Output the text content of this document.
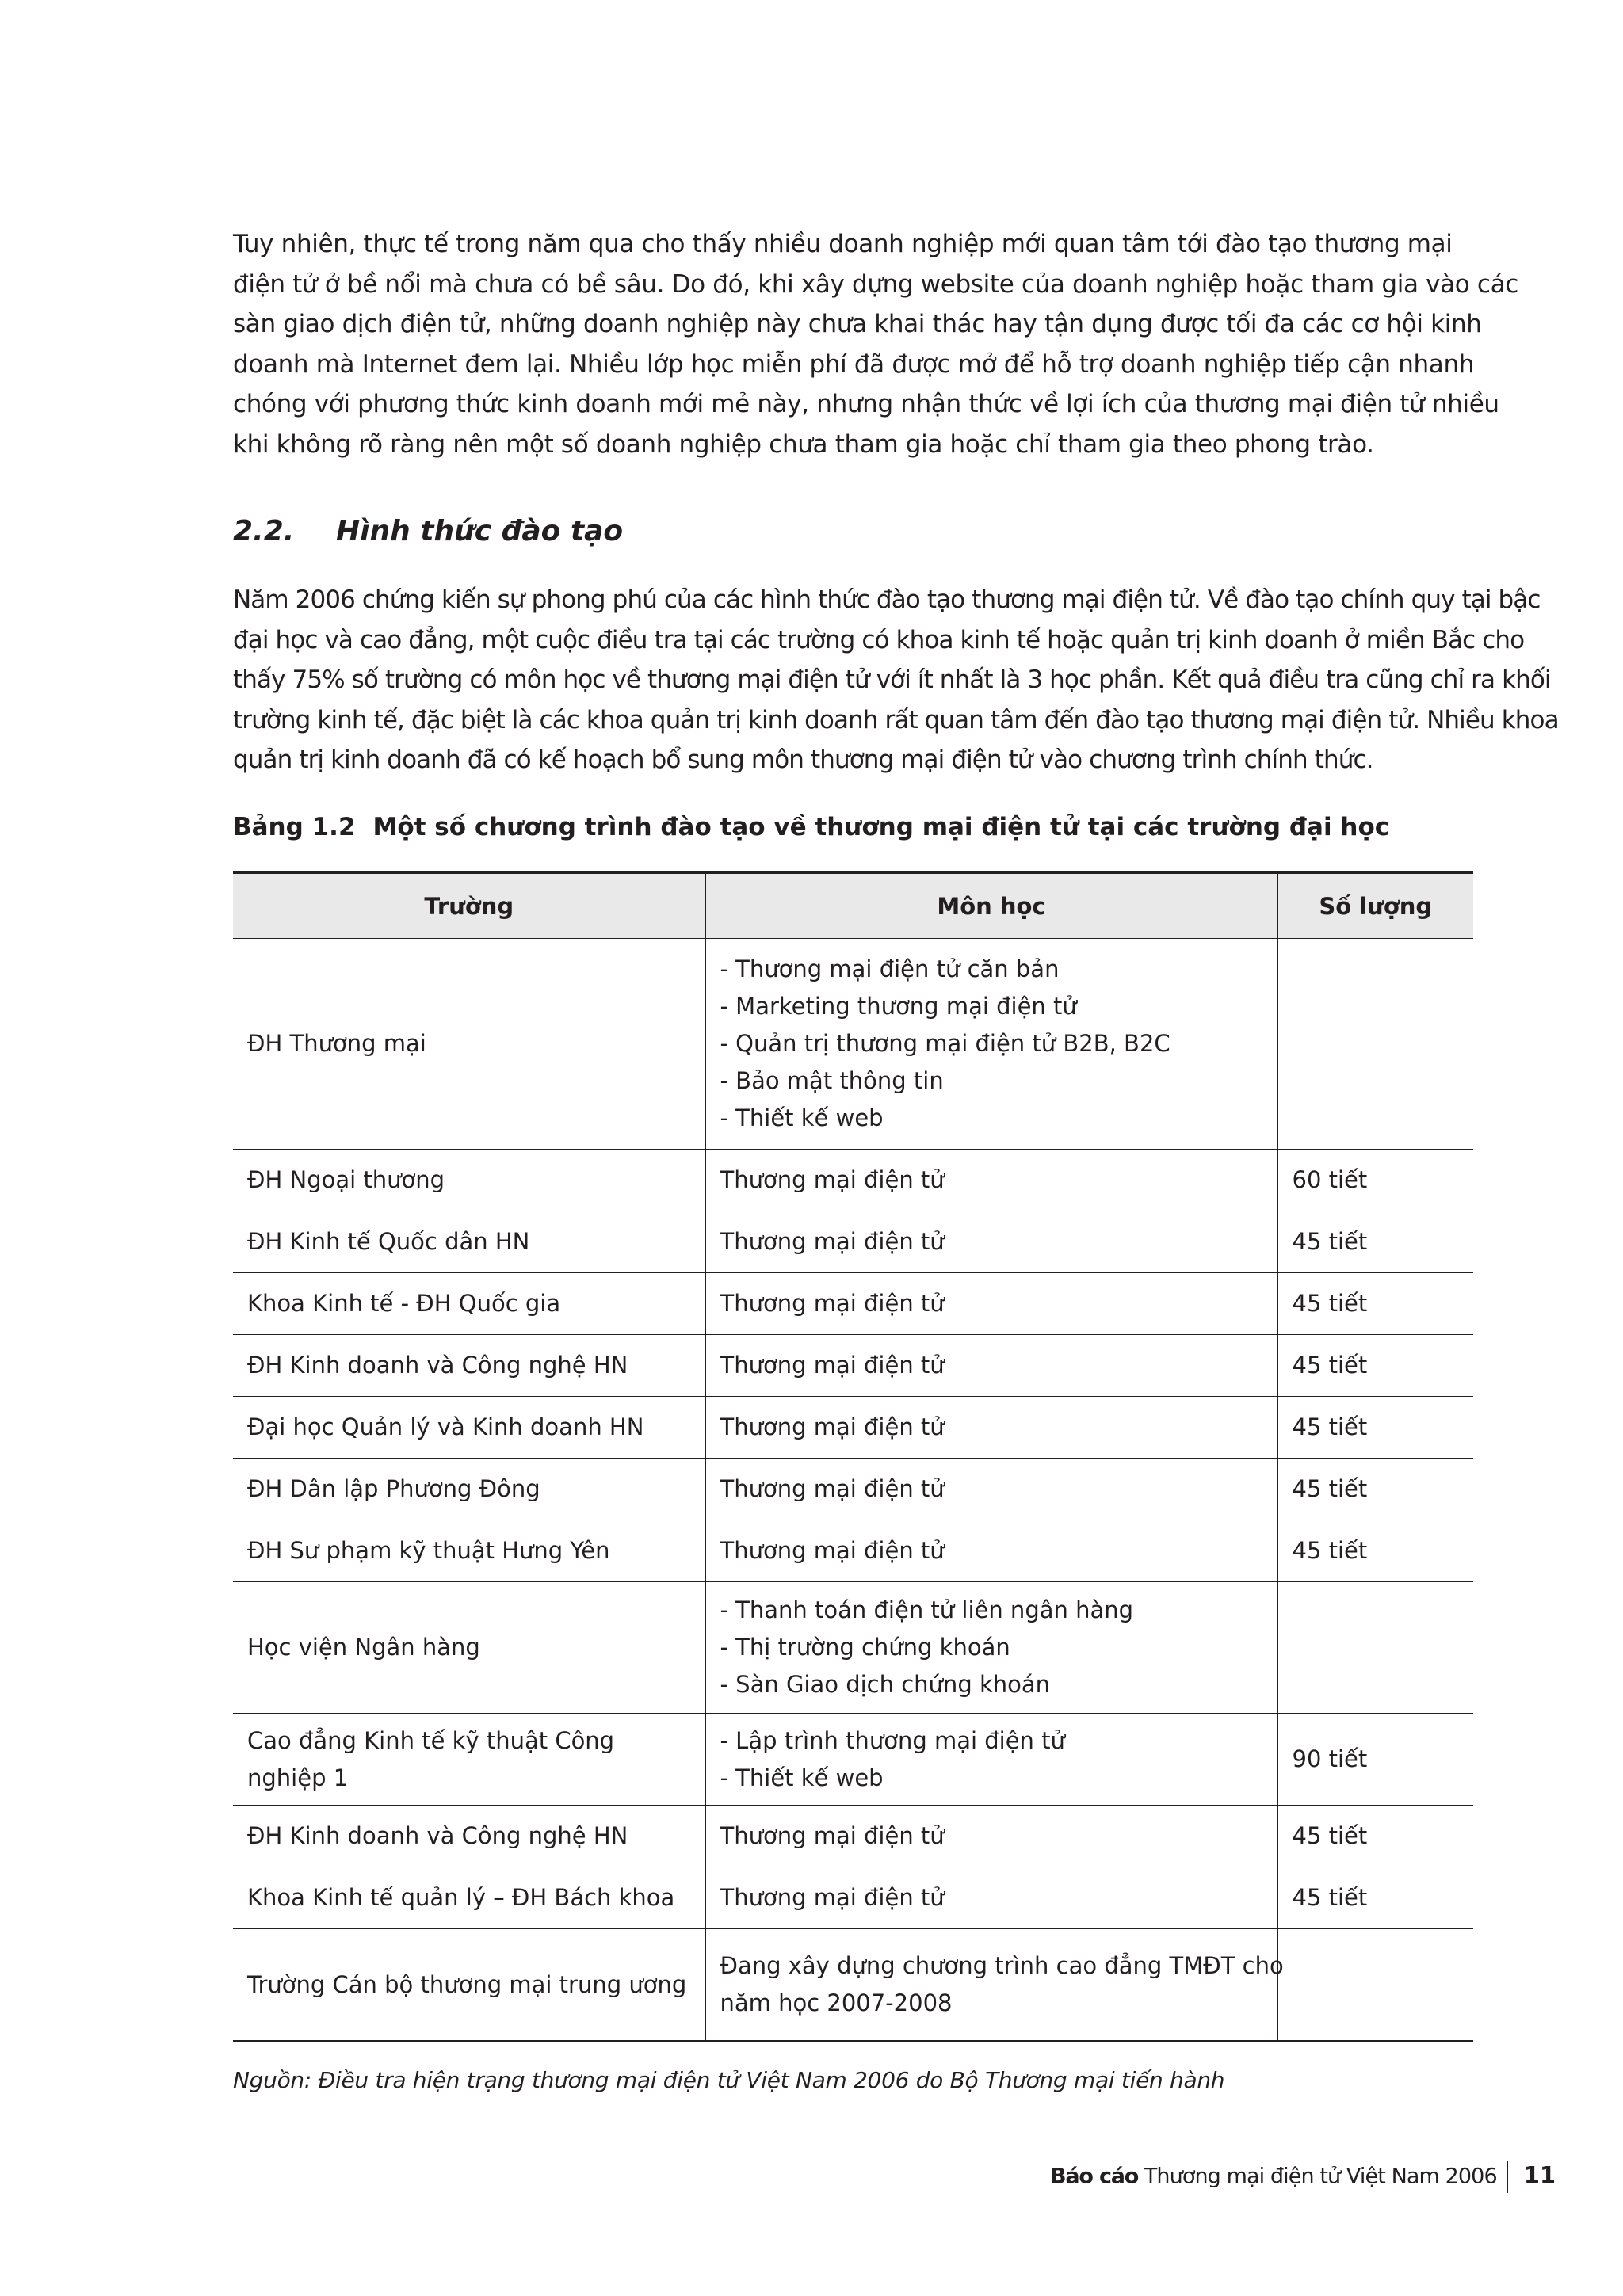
Tuy nhiên, thực tế trong năm qua cho thấy nhiều doanh nghiệp mới quan tâm tới đào tạo thương mại
điện tử ở bề nổi mà chưa có bề sâu. Do đó, khi xây dựng website của doanh nghiệp hoặc tham gia vào các
sàn giao dịch điện tử, những doanh nghiệp này chưa khai thác hay tận dụng được tối đa các cơ hội kinh
doanh mà Internet đem lại. Nhiều lớp học miễn phí đã được mở để hỗ trợ doanh nghiệp tiếp cận nhanh
chóng với phương thức kinh doanh mới mẻ này, nhưng nhận thức về lợi ích của thương mại điện tử nhiều
khi không rõ ràng nên một số doanh nghiệp chưa tham gia hoặc chỉ tham gia theo phong trào.
2.2. Hình thức đào tạo
Năm 2006 chứng kiến sự phong phú của các hình thức đào tạo thương mại điện tử. Về đào tạo chính quy tại bậc
đại học và cao đẳng, một cuộc điều tra tại các trường có khoa kinh tế hoặc quản trị kinh doanh ở miền Bắc cho
thấy 75% số trường có môn học về thương mại điện tử với ít nhất là 3 học phần. Kết quả điều tra cũng chỉ ra khối
trường kinh tế, đặc biệt là các khoa quản trị kinh doanh rất quan tâm đến đào tạo thương mại điện tử. Nhiều khoa
quản trị kinh doanh đã có kế hoạch bổ sung môn thương mại điện tử vào chương trình chính thức.

Bảng 1.2 Một số chương trình đào tạo về thương mại điện tử tại các trường đại học

Trường	Môn học	Số lượng
ĐH Thương mại	- Thương mại điện tử căn bản
- Marketing thương mại điện tử
- Quản trị thương mại điện tử B2B, B2C
- Bảo mật thông tin
- Thiết kế web	

ĐH Ngoại thương	Thương mại điện tử	60 tiết
ĐH Kinh tế Quốc dân HN	Thương mại điện tử	45 tiết
Khoa Kinh tế - ĐH Quốc gia	Thương mại điện tử	45 tiết
ĐH Kinh doanh và Công nghệ HN	Thương mại điện tử	45 tiết
Đại học Quản lý và Kinh doanh HN	Thương mại điện tử	45 tiết
ĐH Dân lập Phương Đông	Thương mại điện tử	45 tiết
ĐH Sư phạm kỹ thuật Hưng Yên	Thương mại điện tử	45 tiết
Học viện Ngân hàng	- Thanh toán điện tử liên ngân hàng
- Thị trường chứng khoán
- Sàn Giao dịch chứng khoán	

Cao đẳng Kinh tế kỹ thuật Công nghiệp 1	- Lập trình thương mại điện tử
- Thiết kế web	90 tiết
ĐH Kinh doanh và Công nghệ HN	Thương mại điện tử	45 tiết
Khoa Kinh tế quản lý – ĐH Bách khoa	Thương mại điện tử	45 tiết
Trường Cán bộ thương mại trung ương	Đang xây dựng chương trình cao đẳng TMĐT cho
năm học 2007-2008	

Nguồn: Điều tra hiện trạng thương mại điện tử Việt Nam 2006 do Bộ Thương mại tiến hành

Báo cáo Thương mại điện tử Việt Nam 2006 11
